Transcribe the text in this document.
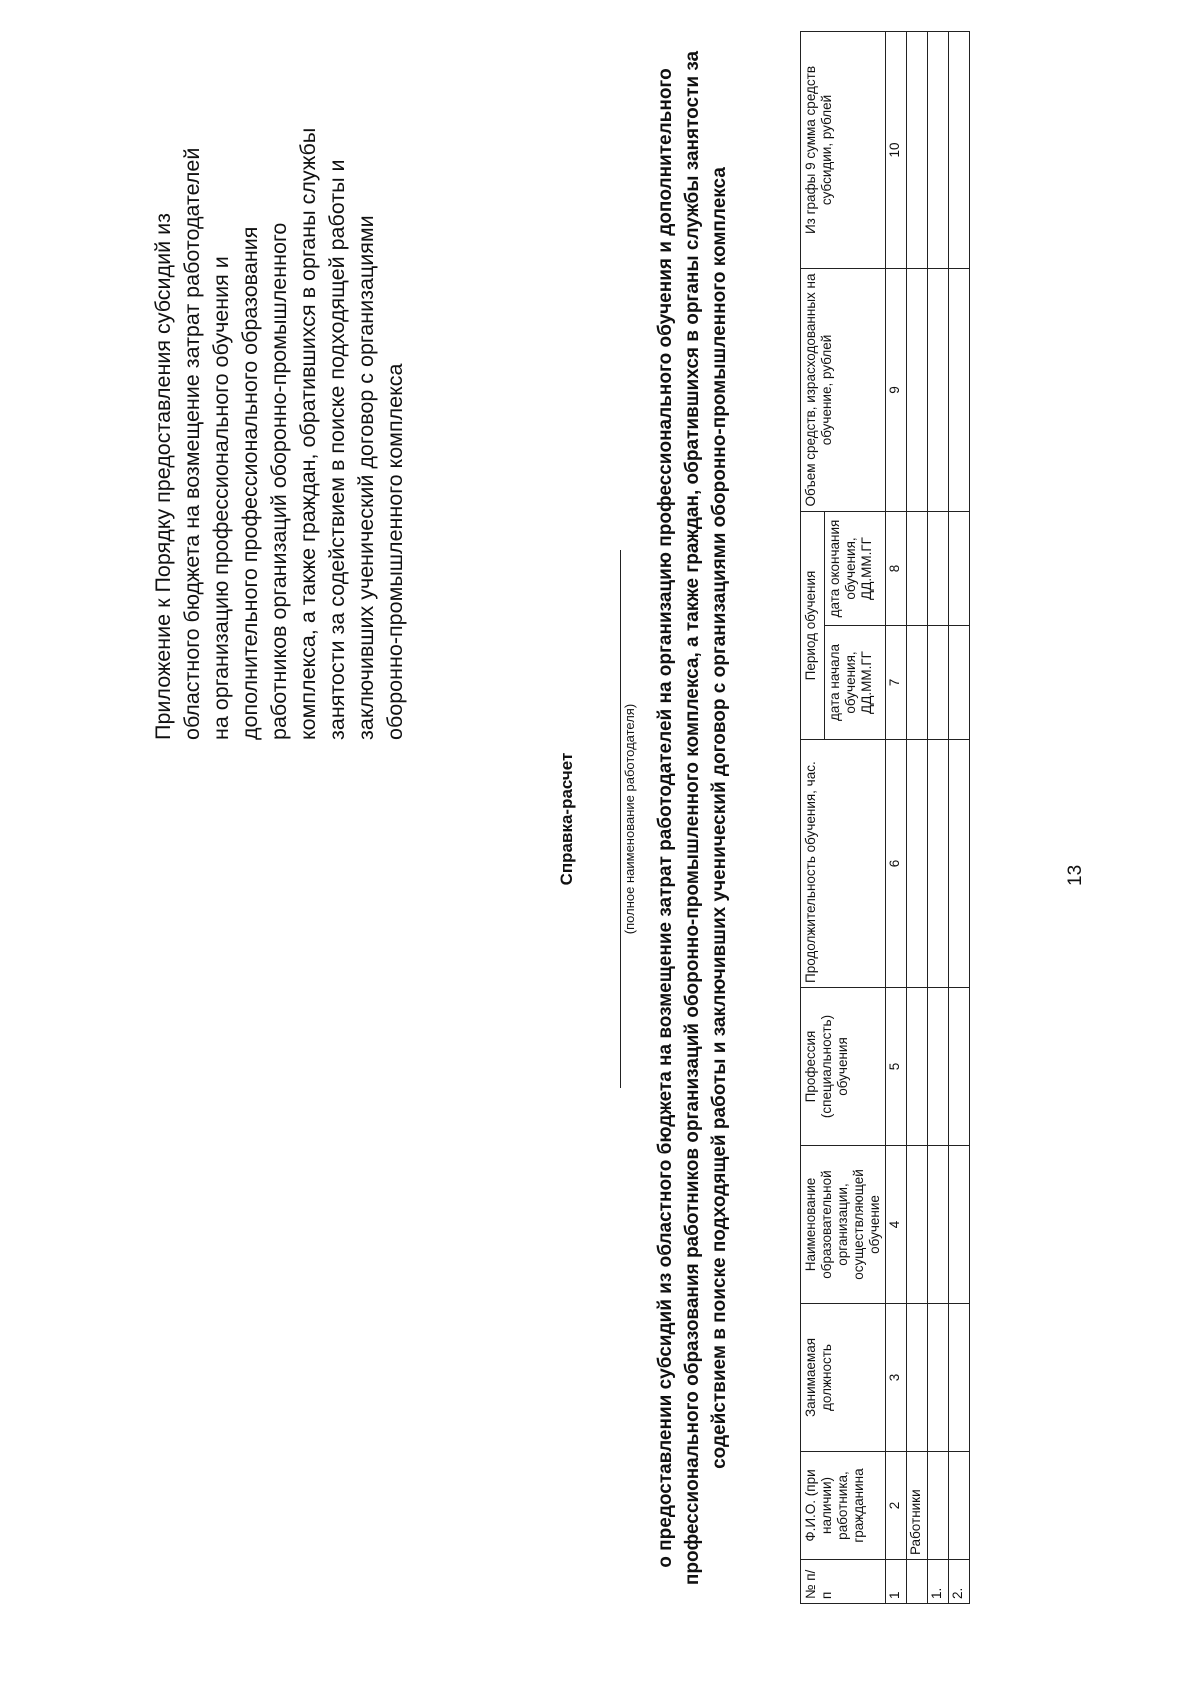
13
Приложение к Порядку предоставления субсидий из областного бюджета на возмещение затрат работодателей на организацию профессионального обучения и дополнительного профессионального образования работников организаций оборонно-промышленного комплекса, а также граждан, обратившихся в органы службы занятости за содействием в поиске подходящей работы и заключивших ученический договор с организациями оборонно-промышленного комплекса
Справка-расчет	(полное наименование работодателя) о предоставлении субсидий из областного бюджета на возмещение затрат работодателей на организацию профессионального обучения и дополнительного профессионального образования работников организаций оборонно-промышленного комплекса, а также граждан, обратившихся в органы службы занятости за содействием в поиске подходящей работы и заключивших ученический договор с организациями оборонно-промышленного комплекса
№ п/п	Ф.И.О. (при наличии) работника, гражданина	Занимаемая должность	Наименование образовательной организации, осуществляющей обучение	Профессия (специальность) обучения	Продолжительность обучения, час.	Период обучения		Объем средств, израсходованных на обучение, рублей	Из графы 9 сумма средств субсидии, рублей
						дата начала обучения, ДД.ММ.ГГ	дата окончания обучения, ДД.ММ.ГГ		
1	2	3	4	5	6	7	8	9	10
	Работники								
1.									
2.									
